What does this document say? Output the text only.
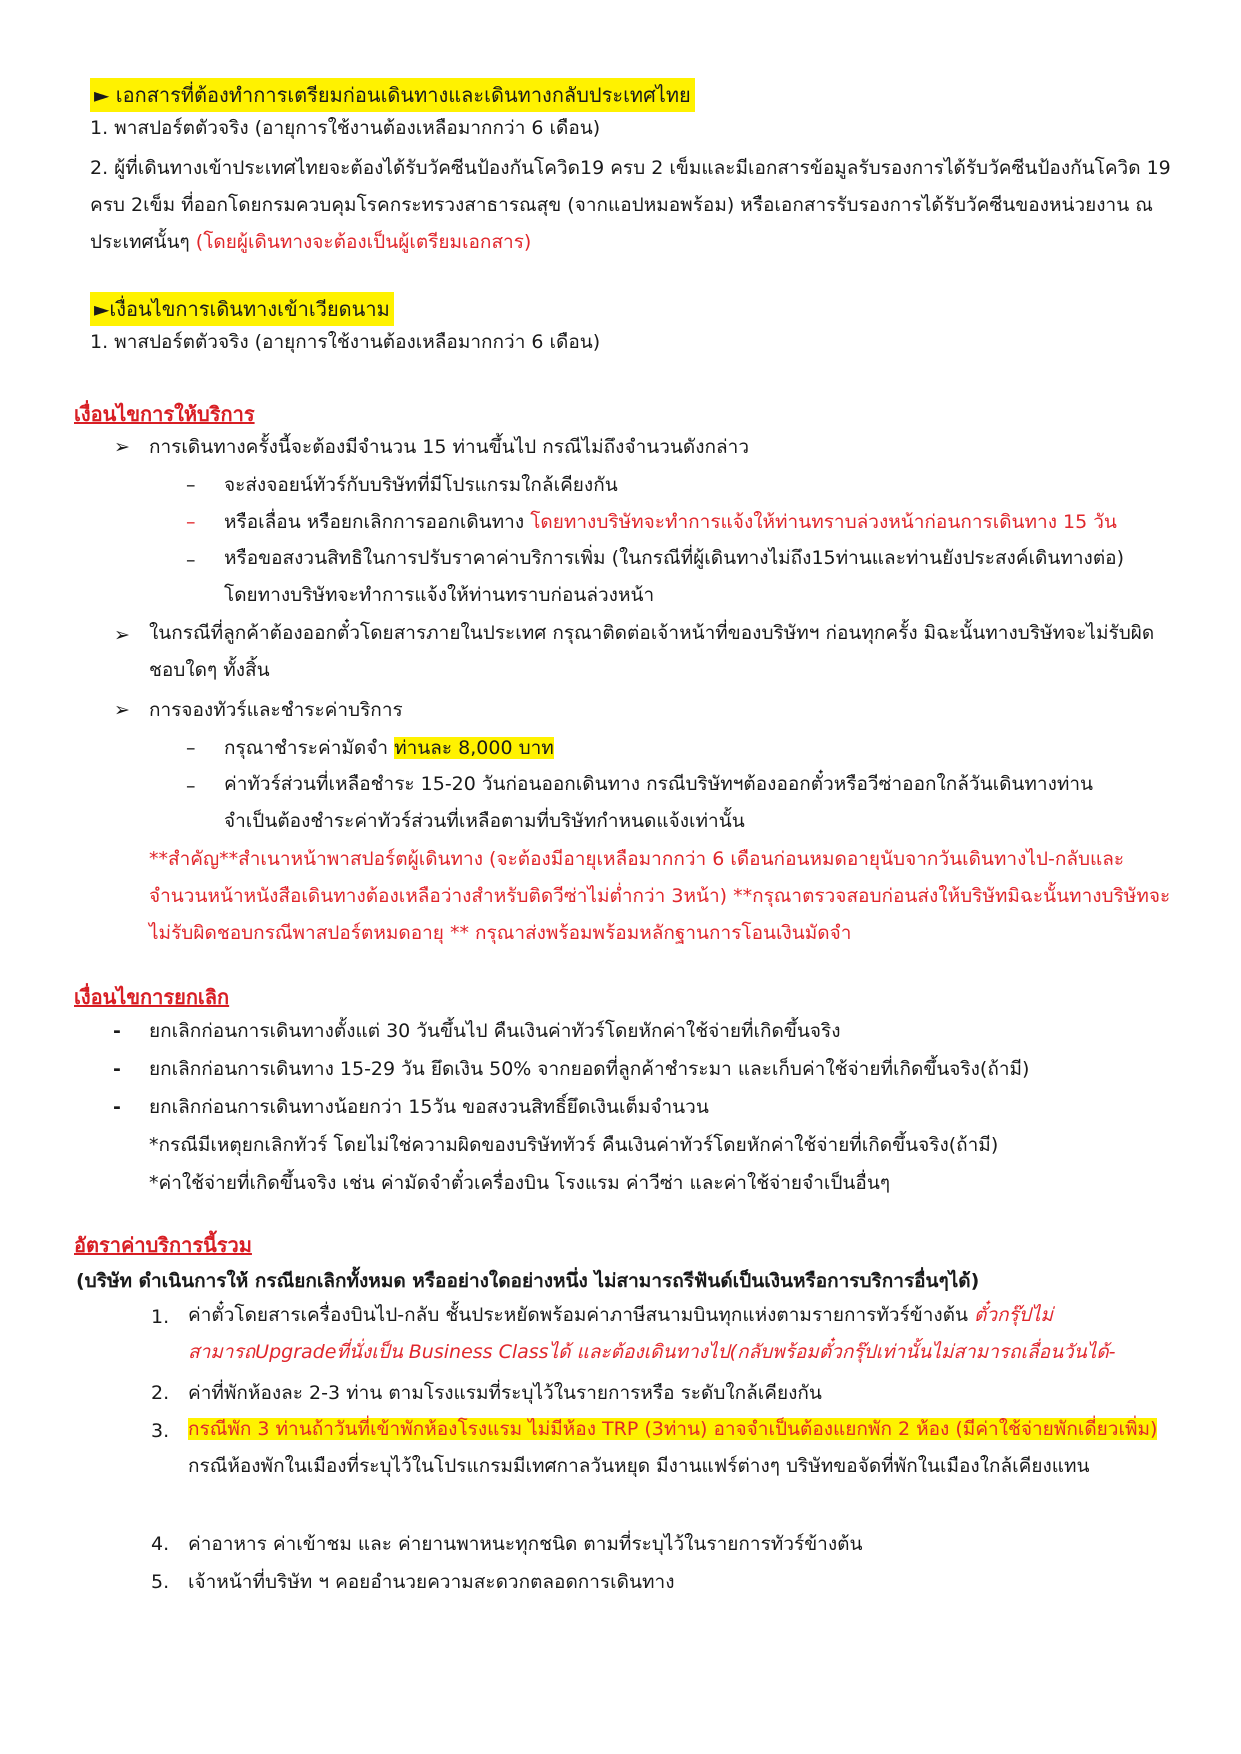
► เอกสารที่ต้องทำการเตรียมก่อนเดินทางและเดินทางกลับประเทศไทย
1. พาสปอร์ตตัวจริง (อายุการใช้งานต้องเหลือมากกว่า 6 เดือน)
2. ผู้ที่เดินทางเข้าประเทศไทยจะต้องได้รับวัคซีนป้องกันโควิด19 ครบ 2 เข็มและมีเอกสารข้อมูลรับรองการได้รับวัคซีนป้องกันโควิด 19 ครบ 2เข็ม ที่ออกโดยกรมควบคุมโรคกระทรวงสาธารณสุข (จากแอปหมอพร้อม) หรือเอกสารรับรองการได้รับวัคซีนของหน่วยงาน ณ ประเทศนั้นๆ (โดยผู้เดินทางจะต้องเป็นผู้เตรียมเอกสาร)
►เงื่อนไขการเดินทางเข้าเวียดนาม
1. พาสปอร์ตตัวจริง (อายุการใช้งานต้องเหลือมากกว่า 6 เดือน)
เงื่อนไขการให้บริการ
➢ การเดินทางครั้งนี้จะต้องมีจำนวน 15 ท่านขึ้นไป กรณีไม่ถึงจำนวนดังกล่าว
– จะส่งจอยน์ทัวร์กับบริษัทที่มีโปรแกรมใกล้เคียงกัน
– หรือเลื่อน หรือยกเลิกการออกเดินทาง โดยทางบริษัทจะทำการแจ้งให้ท่านทราบล่วงหน้าก่อนการเดินทาง 15 วัน
– หรือขอสงวนสิทธิในการปรับราคาค่าบริการเพิ่ม (ในกรณีที่ผู้เดินทางไม่ถึง15ท่านและท่านยังประสงค์เดินทางต่อ) โดยทางบริษัทจะทำการแจ้งให้ท่านทราบก่อนล่วงหน้า
➢ ในกรณีที่ลูกค้าต้องออกตั๋วโดยสารภายในประเทศ กรุณาติดต่อเจ้าหน้าที่ของบริษัทฯ ก่อนทุกครั้ง มิฉะนั้นทางบริษัทจะไม่รับผิดชอบใดๆ ทั้งสิ้น
➢ การจองทัวร์และชำระค่าบริการ
– กรุณาชำระค่ามัดจำ ท่านละ 8,000 บาท
– ค่าทัวร์ส่วนที่เหลือชำระ 15-20 วันก่อนออกเดินทาง กรณีบริษัทฯต้องออกตั๋วหรือวีซ่าออกใกล้วันเดินทางท่านจำเป็นต้องชำระค่าทัวร์ส่วนที่เหลือตามที่บริษัทกำหนดแจ้งเท่านั้น
**สำคัญ**สำเนาหน้าพาสปอร์ตผู้เดินทาง (จะต้องมีอายุเหลือมากกว่า 6 เดือนก่อนหมดอายุนับจากวันเดินทางไป-กลับและจำนวนหน้าหนังสือเดินทางต้องเหลือว่างสำหรับติดวีซ่าไม่ต่ำกว่า 3หน้า) **กรุณาตรวจสอบก่อนส่งให้บริษัทมิฉะนั้นทางบริษัทจะไม่รับผิดชอบกรณีพาสปอร์ตหมดอายุ ** กรุณาส่งพร้อมพร้อมหลักฐานการโอนเงินมัดจำ
เงื่อนไขการยกเลิก
- ยกเลิกก่อนการเดินทางตั้งแต่ 30 วันขึ้นไป คืนเงินค่าทัวร์โดยหักค่าใช้จ่ายที่เกิดขึ้นจริง
- ยกเลิกก่อนการเดินทาง 15-29 วัน ยึดเงิน 50% จากยอดที่ลูกค้าชำระมา และเก็บค่าใช้จ่ายที่เกิดขึ้นจริง(ถ้ามี)
- ยกเลิกก่อนการเดินทางน้อยกว่า 15วัน ขอสงวนสิทธิ์ยึดเงินเต็มจำนวน
*กรณีมีเหตุยกเลิกทัวร์ โดยไม่ใช่ความผิดของบริษัททัวร์ คืนเงินค่าทัวร์โดยหักค่าใช้จ่ายที่เกิดขึ้นจริง(ถ้ามี)
*ค่าใช้จ่ายที่เกิดขึ้นจริง เช่น ค่ามัดจำตั๋วเครื่องบิน โรงแรม ค่าวีซ่า และค่าใช้จ่ายจำเป็นอื่นๆ
อัตราค่าบริการนี้รวม
(บริษัท ดำเนินการให้ กรณียกเลิกทั้งหมด หรืออย่างใดอย่างหนึ่ง ไม่สามารถรีฟันด์เป็นเงินหรือการบริการอื่นๆได้)
1. ค่าตั๋วโดยสารเครื่องบินไป-กลับ ชั้นประหยัดพร้อมค่าภาษีสนามบินทุกแห่งตามรายการทัวร์ข้างต้น ตั๋วกรุ๊ปไม่สามารถUpgradeที่นั่งเป็น Business Classได้ และต้องเดินทางไป(กลับพร้อมตั๋วกรุ๊ปเท่านั้นไม่สามารถเลื่อนวันได้-
2. ค่าที่พักห้องละ 2-3 ท่าน ตามโรงแรมที่ระบุไว้ในรายการหรือ ระดับใกล้เคียงกัน
3. กรณีพัก 3 ท่านถ้าวันที่เข้าพักห้องโรงแรม ไม่มีห้อง TRP (3ท่าน) อาจจำเป็นต้องแยกพัก 2 ห้อง (มีค่าใช้จ่ายพักเดี่ยวเพิ่ม) กรณีห้องพักในเมืองที่ระบุไว้ในโปรแกรมมีเทศกาลวันหยุด มีงานแฟร์ต่างๆ บริษัทขอจัดที่พักในเมืองใกล้เคียงแทน
4. ค่าอาหาร ค่าเข้าชม และ ค่ายานพาหนะทุกชนิด ตามที่ระบุไว้ในรายการทัวร์ข้างต้น
5. เจ้าหน้าที่บริษัท ฯ คอยอำนวยความสะดวกตลอดการเดินทาง
